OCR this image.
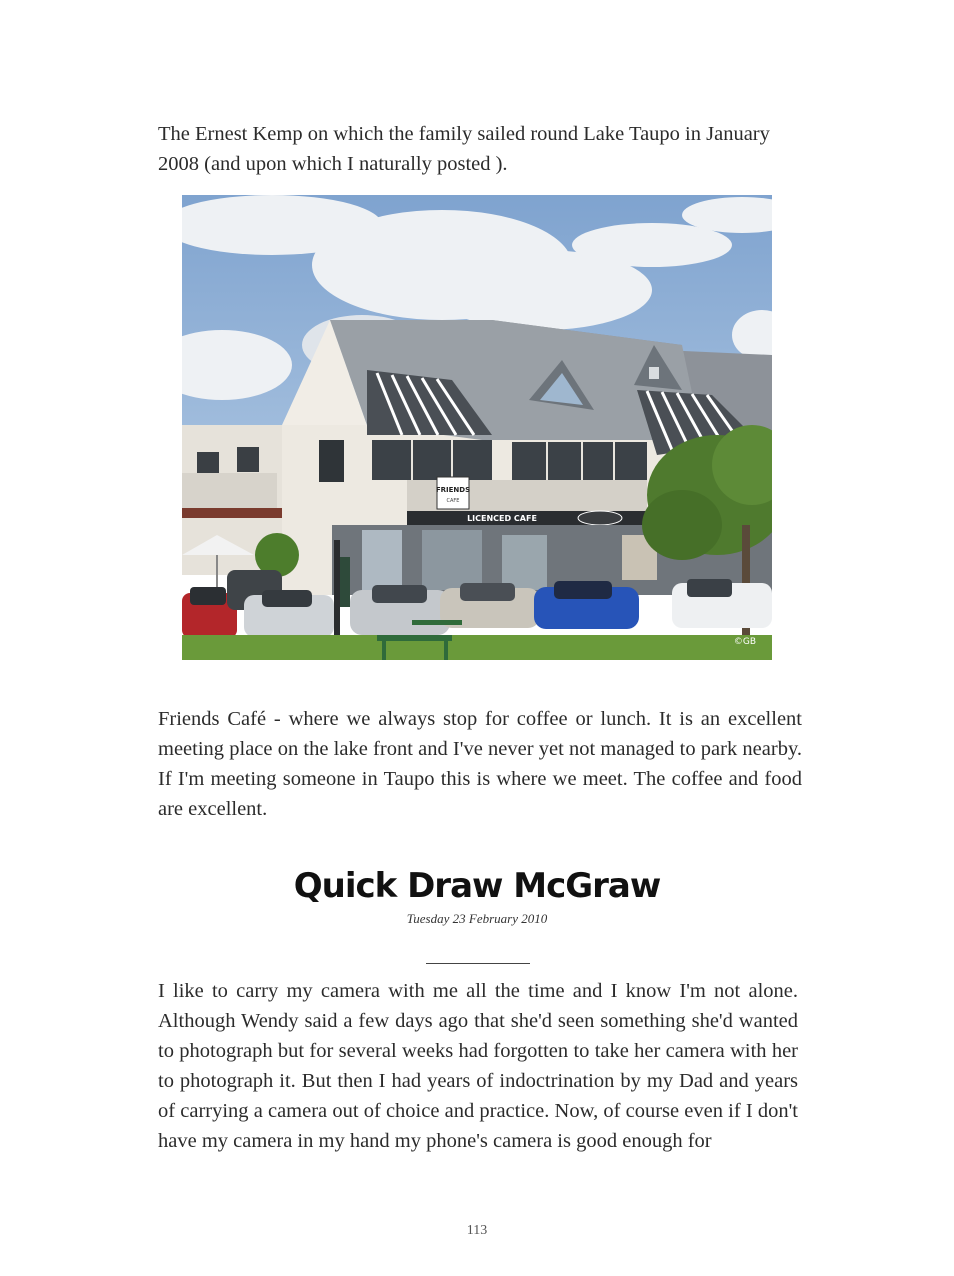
The Ernest Kemp on which the family sailed round Lake Taupo in January 2008 (and upon which I naturally posted ).

FRIENDS
CAFE
LICENCED CAFE
©GB

Friends Café - where we always stop for coffee or lunch. It is an excellent meeting place on the lake front and I've never yet not managed to park nearby. If I'm meeting someone in Taupo this is where we meet. The coffee and food are excellent.

Quick Draw McGraw
Tuesday 23 February 2010

I like to carry my camera with me all the time and I know I'm not alone. Although Wendy said a few days ago that she'd seen something she'd wanted to photograph but for several weeks had forgotten to take her camera with her to photograph it. But then I had years of indoctrination by my Dad and years of carrying a camera out of choice and practice. Now, of course even if I don't have my camera in my hand my phone's camera is good enough for

113
